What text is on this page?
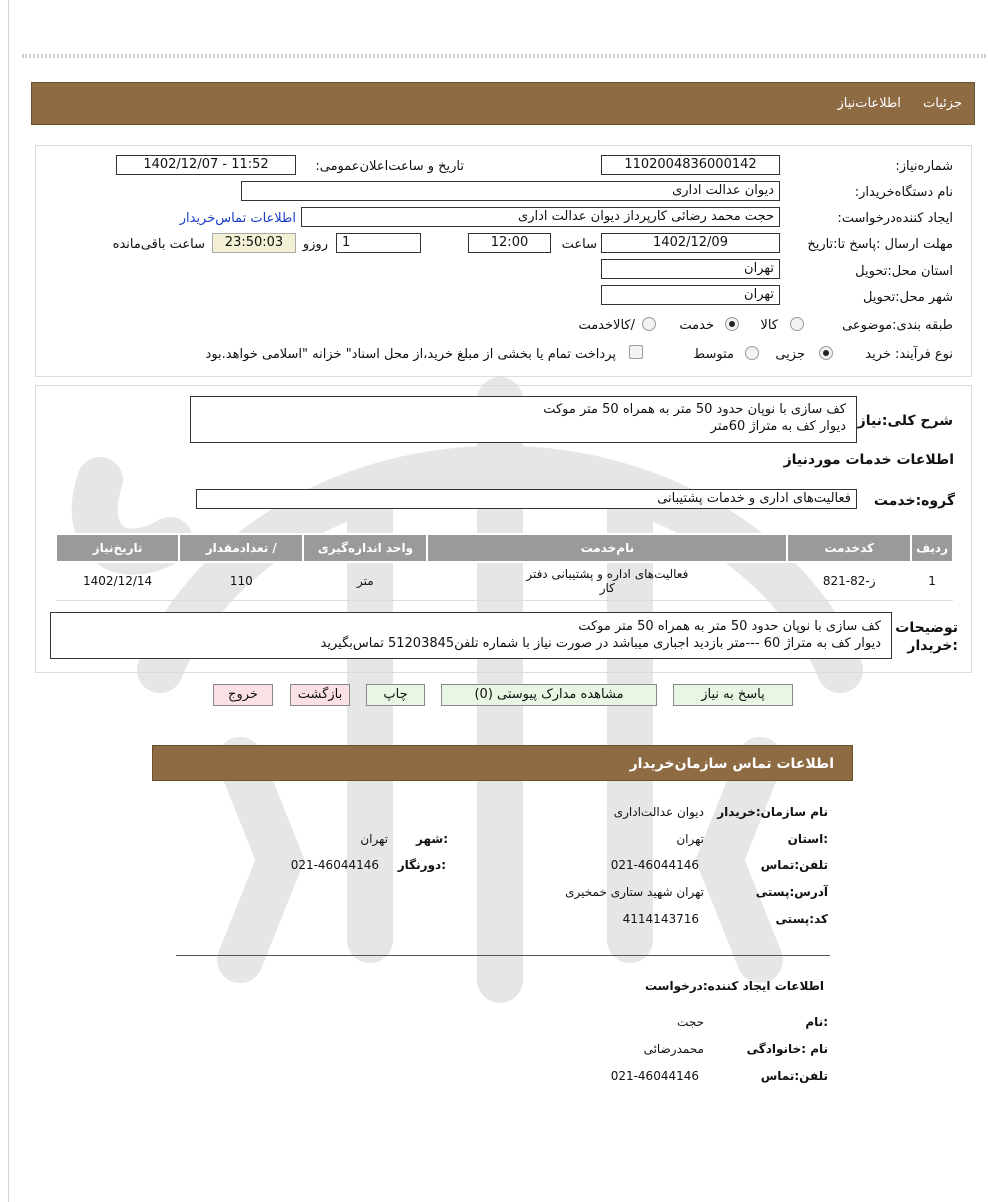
جزئیات اطلاعات‌نیاز
شماره‌نیاز:
1102004836000142
تاریخ و ساعت‌اعلان‌عمومی:
1402/12/07 - 11:52
نام دستگاه‌خریدار:
دیوان عدالت اداری
ایجاد کننده‌درخواست:
حجت محمد رضائی کارپرداز دیوان عدالت اداری
اطلاعات تماس‌خریدار
مهلت ارسال :پاسخ تا:تاریخ
1402/12/09
ساعت
12:00
1
روزو
23:50:03
ساعت باقی‌مانده
استان محل:تحویل
تهران
شهر محل:تحویل
تهران
طبقه بندی:موضوعی
کالا
خدمت
/کالاخدمت
نوع فرآیند: خرید
جزیی
متوسط
پرداخت تمام یا بخشی از مبلغ خرید،از محل اسناد" خزانه "اسلامی خواهد.بود
شرح کلی:نیاز
کف سازی با نوپان حدود 50 متر به همراه 50 متر موکت
دیوار کف به متراژ 60متر
اطلاعات خدمات موردنیاز
گروه:خدمت
فعالیت‌های اداری و خدمات پشتیبانی
ردیف	کدخدمت	نام‌خدمت	واحد اندازه‌گیری	/ تعدادمقدار	تاریخ‌نیاز
1	ز-82-821	فعالیت‌های اداره و پشتیبانی دفتر
کار	متر	110	1402/12/14
توضیحات :خریدار
کف سازی با نوپان حدود 50 متر به همراه 50 متر موکت
دیوار کف به متراژ 60 ---متر بازدید اجباری میباشد در صورت نیاز با شماره تلفن51203845 تماس‌بگیرید
پاسخ به نیاز
مشاهده مدارک پیوستی (0)
چاپ
بازگشت
خروج
اطلاعات تماس سازمان‌خریدار
نام سازمان:خریدار
دیوان عدالت‌اداری
:استان
تهران
:شهر
تهران
تلفن:تماس
021-46044146
:دورنگار
021-46044146
آدرس:پستی
تهران شهید ستاری خمخیری
کد:پستی
4114143716
اطلاعات ایجاد کننده:درخواست
:نام
حجت
نام :خانوادگی
محمدرضائی
تلفن:تماس
021-46044146
